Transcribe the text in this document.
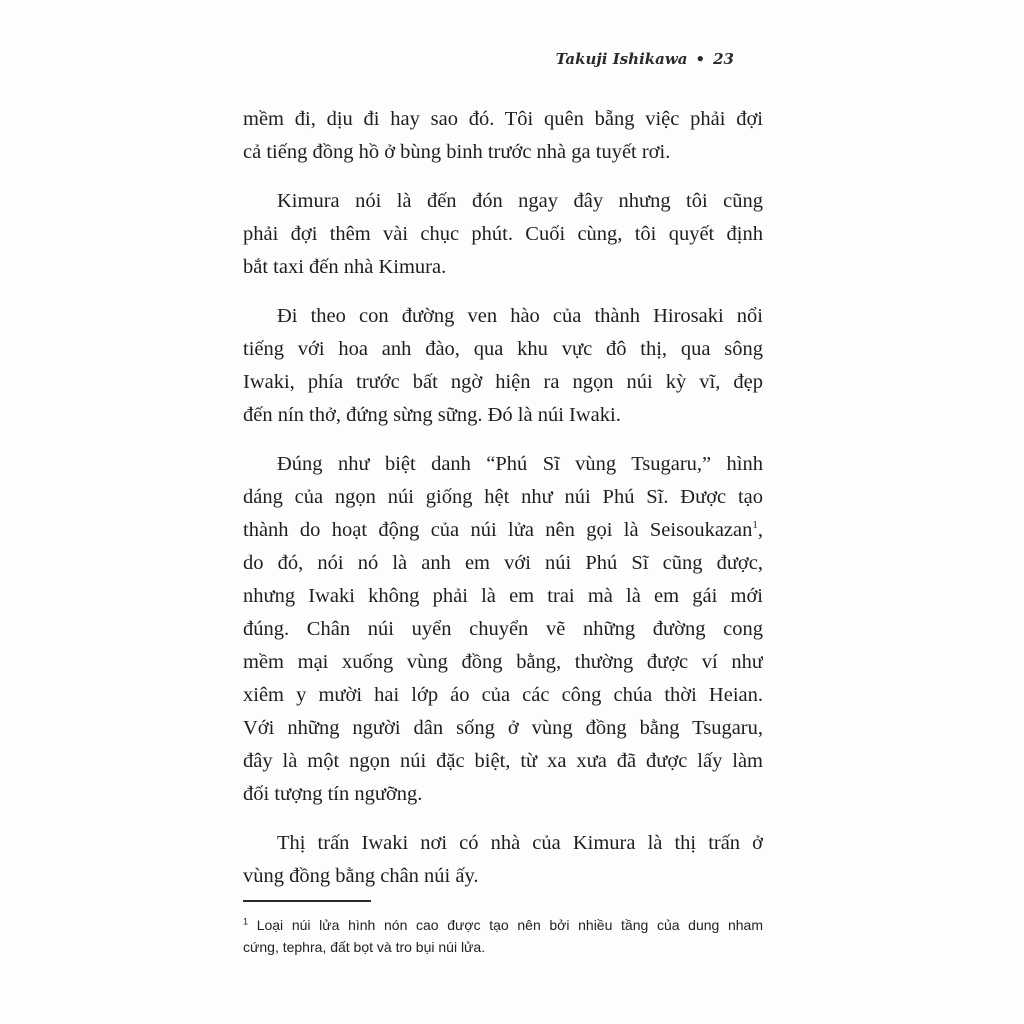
Takuji Ishikawa • 23
mềm đi, dịu đi hay sao đó. Tôi quên bẵng việc phải đợi
cả tiếng đồng hồ ở bùng binh trước nhà ga tuyết rơi.
Kimura nói là đến đón ngay đây nhưng tôi cũng
phải đợi thêm vài chục phút. Cuối cùng, tôi quyết định
bắt taxi đến nhà Kimura.
Đi theo con đường ven hào của thành Hirosaki nổi
tiếng với hoa anh đào, qua khu vực đô thị, qua sông
Iwaki, phía trước bất ngờ hiện ra ngọn núi kỳ vĩ, đẹp
đến nín thở, đứng sừng sững. Đó là núi Iwaki.
Đúng như biệt danh “Phú Sĩ vùng Tsugaru,” hình
dáng của ngọn núi giống hệt như núi Phú Sĩ. Được tạo
thành do hoạt động của núi lửa nên gọi là Seisoukazan$^1$,
do đó, nói nó là anh em với núi Phú Sĩ cũng được,
nhưng Iwaki không phải là em trai mà là em gái mới
đúng. Chân núi uyển chuyển vẽ những đường cong
mềm mại xuống vùng đồng bằng, thường được ví như
xiêm y mười hai lớp áo của các công chúa thời Heian.
Với những người dân sống ở vùng đồng bằng Tsugaru,
đây là một ngọn núi đặc biệt, từ xa xưa đã được lấy làm
đối tượng tín ngưỡng.
Thị trấn Iwaki nơi có nhà của Kimura là thị trấn ở
vùng đồng bằng chân núi ấy.
$^1$ Loại núi lửa hình nón cao được tạo nên bởi nhiều tầng của dung nham
cứng, tephra, đất bọt và tro bụi núi lửa.
